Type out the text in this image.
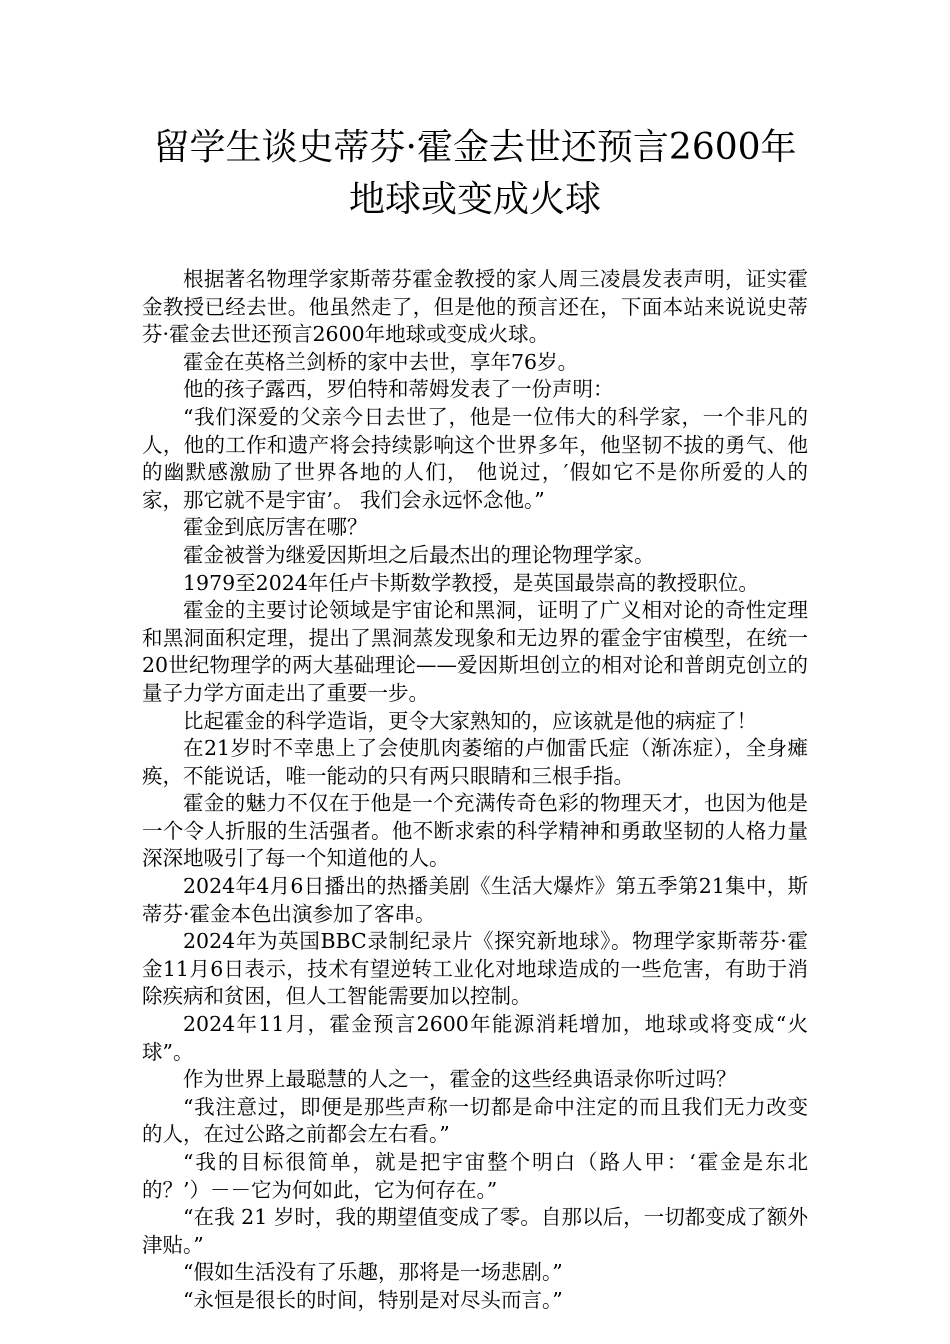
留学生谈史蒂芬·霍金去世还预言2600年
地球或变成火球

根据著名物理学家斯蒂芬霍金教授的家人周三凌晨发表声明，证实霍金教授已经去世。他虽然走了，但是他的预言还在，下面本站来说说史蒂芬·霍金去世还预言2600年地球或变成火球。

霍金在英格兰剑桥的家中去世，享年76岁。

他的孩子露西，罗伯特和蒂姆发表了一份声明：

“我们深爱的父亲今日去世了，他是一位伟大的科学家，一个非凡的人，他的工作和遗产将会持续影响这个世界多年，他坚韧不拔的勇气、他的幽默感激励了世界各地的人们， 他说过，′假如它不是你所爱的人的家，那它就不是宇宙’。 我们会永远怀念他。”

霍金到底厉害在哪？

霍金被誉为继爱因斯坦之后最杰出的理论物理学家。

1979至2024年任卢卡斯数学教授，是英国最崇高的教授职位。

霍金的主要讨论领域是宇宙论和黑洞，证明了广义相对论的奇性定理和黑洞面积定理，提出了黑洞蒸发现象和无边界的霍金宇宙模型，在统一20世纪物理学的两大基础理论——爱因斯坦创立的相对论和普朗克创立的量子力学方面走出了重要一步。

比起霍金的科学造诣，更令大家熟知的，应该就是他的病症了！

在21岁时不幸患上了会使肌肉萎缩的卢伽雷氏症（渐冻症），全身瘫痪，不能说话，唯一能动的只有两只眼睛和三根手指。

霍金的魅力不仅在于他是一个充满传奇色彩的物理天才，也因为他是一个令人折服的生活强者。他不断求索的科学精神和勇敢坚韧的人格力量深深地吸引了每一个知道他的人。

2024年4月6日播出的热播美剧《生活大爆炸》第五季第21集中，斯蒂芬·霍金本色出演参加了客串。

2024年为英国BBC录制纪录片《探究新地球》。物理学家斯蒂芬·霍金11月6日表示，技术有望逆转工业化对地球造成的一些危害，有助于消除疾病和贫困，但人工智能需要加以控制。

2024年11月，霍金预言2600年能源消耗增加，地球或将变成“火球”。

作为世界上最聪慧的人之一，霍金的这些经典语录你听过吗？

“我注意过，即便是那些声称一切都是命中注定的而且我们无力改变的人，在过公路之前都会左右看。”

“我的目标很简单，就是把宇宙整个明白（路人甲：‘霍金是东北的？’）－－它为何如此，它为何存在。”

“在我 21 岁时，我的期望值变成了零。自那以后，一切都变成了额外津贴。”

“假如生活没有了乐趣，那将是一场悲剧。”

“永恒是很长的时间，特别是对尽头而言。”
